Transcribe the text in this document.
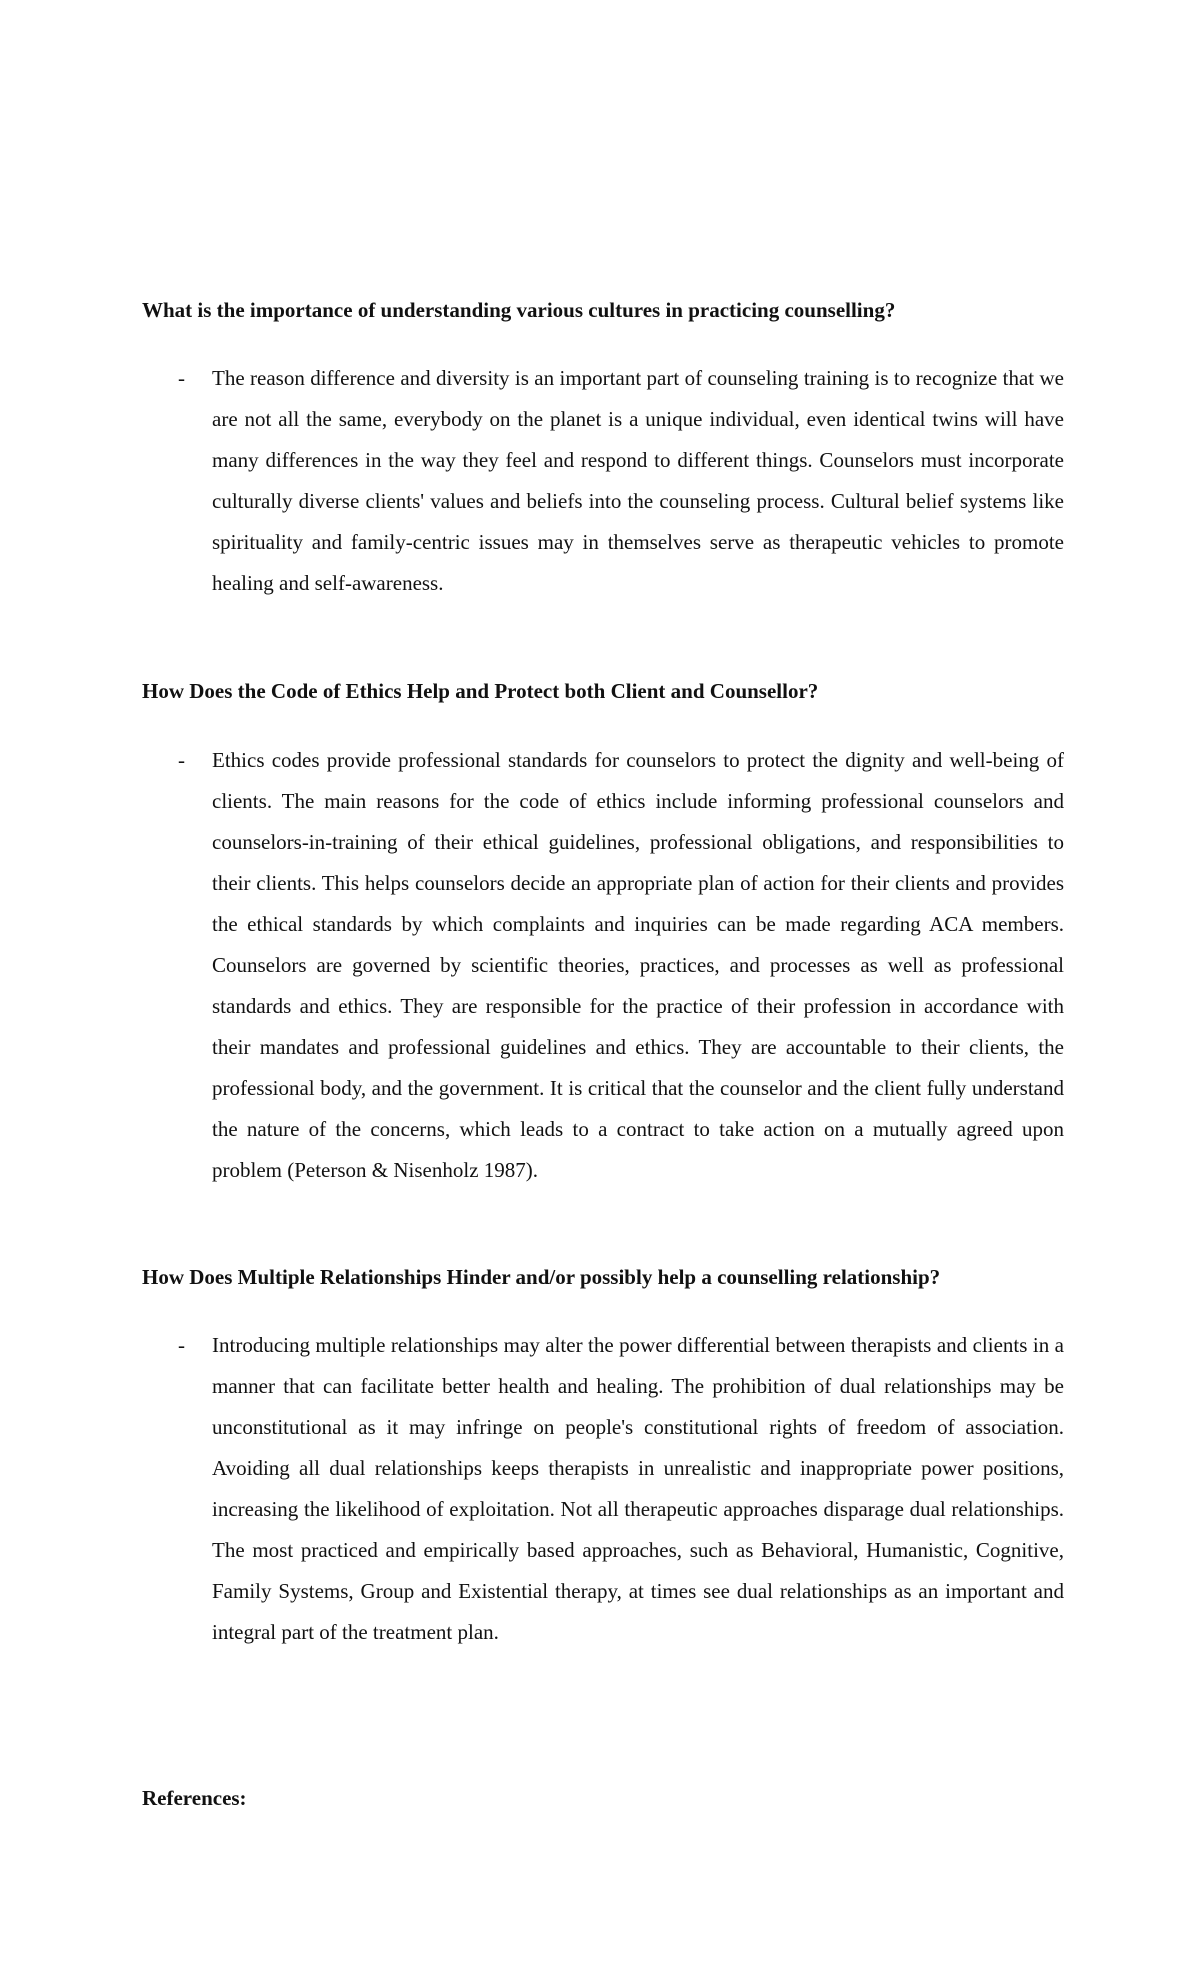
What is the importance of understanding various cultures in practicing counselling?
-	The reason difference and diversity is an important part of counseling training is to recognize that we are not all the same, everybody on the planet is a unique individual, even identical twins will have many differences in the way they feel and respond to different things. Counselors must incorporate culturally diverse clients' values and beliefs into the counseling process. Cultural belief systems like spirituality and family-centric issues may in themselves serve as therapeutic vehicles to promote healing and self-awareness.

How Does the Code of Ethics Help and Protect both Client and Counsellor?
-	Ethics codes provide professional standards for counselors to protect the dignity and well-being of clients. The main reasons for the code of ethics include informing professional counselors and counselors-in-training of their ethical guidelines, professional obligations, and responsibilities to their clients. This helps counselors decide an appropriate plan of action for their clients and provides the ethical standards by which complaints and inquiries can be made regarding ACA members. Counselors are governed by scientific theories, practices, and processes as well as professional standards and ethics. They are responsible for the practice of their profession in accordance with their mandates and professional guidelines and ethics. They are accountable to their clients, the professional body, and the government. It is critical that the counselor and the client fully understand the nature of the concerns, which leads to a contract to take action on a mutually agreed upon problem (Peterson & Nisenholz 1987).

How Does Multiple Relationships Hinder and/or possibly help a counselling relationship?
-	Introducing multiple relationships may alter the power differential between therapists and clients in a manner that can facilitate better health and healing. The prohibition of dual relationships may be unconstitutional as it may infringe on people's constitutional rights of freedom of association. Avoiding all dual relationships keeps therapists in unrealistic and inappropriate power positions, increasing the likelihood of exploitation. Not all therapeutic approaches disparage dual relationships. The most practiced and empirically based approaches, such as Behavioral, Humanistic, Cognitive, Family Systems, Group and Existential therapy, at times see dual relationships as an important and integral part of the treatment plan.

References:
